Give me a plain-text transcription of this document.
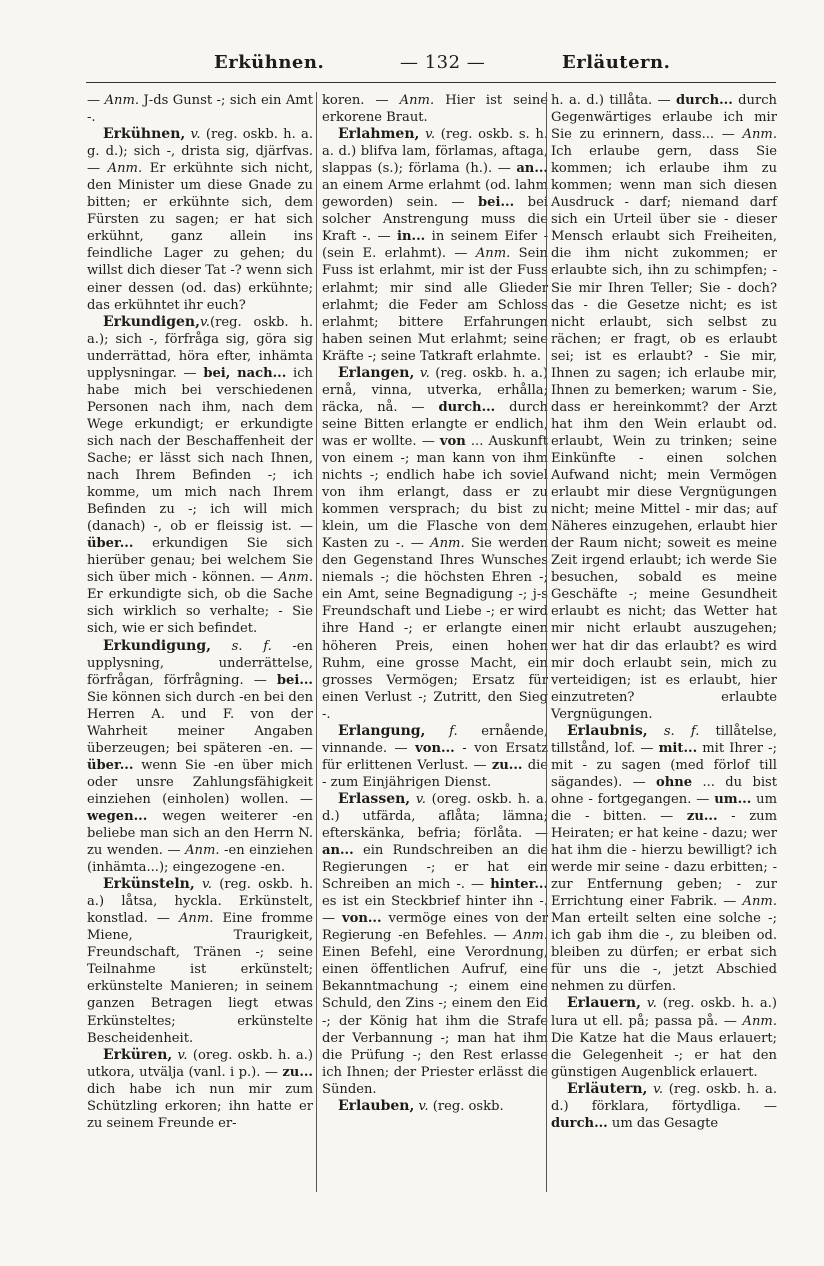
Erkühnen.	— 132 —	Erläutern.

— Anm. J-ds Gunst -; sich ein Amt -.

Erkühnen, v. (reg. oskb. h. a. g. d.); sich -, drista sig, djärfvas. — Anm. Er erkühnte sich nicht, den Minister um diese Gnade zu bitten; er erkühnte sich, dem Fürsten zu sagen; er hat sich erkühnt, ganz allein ins feindliche Lager zu gehen; du willst dich dieser Tat -? wenn sich einer dessen (od. das) erkühnte; das erkühntet ihr euch?

Erkundigen,v.(reg. oskb. h. a.); sich -, förfråga sig, göra sig underrättad, höra efter, inhämta upplysningar. — bei, nach... ich habe mich bei verschiedenen Personen nach ihm, nach dem Wege erkundigt; er erkundigte sich nach der Beschaffenheit der Sache; er lässt sich nach Ihnen, nach Ihrem Befinden -; ich komme, um mich nach Ihrem Befinden zu -; ich will mich (danach) -, ob er fleissig ist. — über... erkundigen Sie sich hierüber genau; bei welchem Sie sich über mich - können. — Anm. Er erkundigte sich, ob die Sache sich wirklich so verhalte; - Sie sich, wie er sich befindet.

Erkundigung, s. f. -en upplysning, underrättelse, förfrågan, förfrågning. — bei... Sie können sich durch -en bei den Herren A. und F. von der Wahrheit meiner Angaben überzeugen; bei späteren -en. — über... wenn Sie -en über mich oder unsre Zahlungsfähigkeit einziehen (einholen) wollen. — wegen... wegen weiterer -en beliebe man sich an den Herrn N. zu wenden. — Anm. -en einziehen (inhämta...); eingezogene -en.

Erkünsteln, v. (reg. oskb. h. a.) låtsa, hyckla. Erkünstelt, konstlad. — Anm. Eine fromme Miene, Traurigkeit, Freundschaft, Tränen -; seine Teilnahme ist erkünstelt; erkünstelte Manieren; in seinem ganzen Betragen liegt etwas Erkünsteltes; erkünstelte Bescheidenheit.

Erküren, v. (oreg. oskb. h. a.) utkora, utvälja (vanl. i p.). — zu... dich habe ich nun mir zum Schützling erkoren; ihn hatte er zu seinem Freunde er-

koren. — Anm. Hier ist seine erkorene Braut.

Erlahmen, v. (reg. oskb. s. h. a. d.) blifva lam, förlamas, aftaga, slappas (s.); förlama (h.). — an... an einem Arme erlahmt (od. lahm geworden) sein. — bei... bei solcher Anstrengung muss die Kraft -. — in... in seinem Eifer - (sein E. erlahmt). — Anm. Sein Fuss ist erlahmt, mir ist der Fuss erlahmt; mir sind alle Glieder erlahmt; die Feder am Schloss erlahmt; bittere Erfahrungen haben seinen Mut erlahmt; seine Kräfte -; seine Tatkraft erlahmte.

Erlangen, v. (reg. oskb. h. a.) ernå, vinna, utverka, erhålla; räcka, nå. — durch... durch seine Bitten erlangte er endlich, was er wollte. — von ... Auskunft von einem -; man kann von ihm nichts -; endlich habe ich soviel von ihm erlangt, dass er zu kommen versprach; du bist zu klein, um die Flasche von dem Kasten zu -. — Anm. Sie werden den Gegenstand Ihres Wunsches niemals -; die höchsten Ehren -; ein Amt, seine Begnadigung -; j-s Freundschaft und Liebe -; er wird ihre Hand -; er erlangte einen höheren Preis, einen hohen Ruhm, eine grosse Macht, ein grosses Vermögen; Ersatz für einen Verlust -; Zutritt, den Sieg -.

Erlangung, f. ernående, vinnande. — von... - von Ersatz für erlittenen Verlust. — zu... die - zum Einjährigen Dienst.

Erlassen, v. (oreg. oskb. h. a. d.) utfärda, aflåta; lämna; efterskänka, befria; förlåta. — an... ein Rundschreiben an die Regierungen -; er hat ein Schreiben an mich -. — hinter... es ist ein Steckbrief hinter ihn -. — von... vermöge eines von der Regierung -en Befehles. — Anm. Einen Befehl, eine Verordnung, einen öffentlichen Aufruf, eine Bekanntmachung -; einem eine Schuld, den Zins -; einem den Eid -; der König hat ihm die Strafe der Verbannung -; man hat ihm die Prüfung -; den Rest erlasse ich Ihnen; der Priester erlässt die Sünden.

Erlauben, v. (reg. oskb.

h. a. d.) tillåta. — durch... durch Gegenwärtiges erlaube ich mir Sie zu erinnern, dass... — Anm. Ich erlaube gern, dass Sie kommen; ich erlaube ihm zu kommen; wenn man sich diesen Ausdruck - darf; niemand darf sich ein Urteil über sie - dieser Mensch erlaubt sich Freiheiten, die ihm nicht zukommen; er erlaubte sich, ihn zu schimpfen; - Sie mir Ihren Teller; Sie - doch? das - die Gesetze nicht; es ist nicht erlaubt, sich selbst zu rächen; er fragt, ob es erlaubt sei; ist es erlaubt? - Sie mir, Ihnen zu sagen; ich erlaube mir, Ihnen zu bemerken; warum - Sie, dass er hereinkommt? der Arzt hat ihm den Wein erlaubt od. erlaubt, Wein zu trinken; seine Einkünfte - einen solchen Aufwand nicht; mein Vermögen erlaubt mir diese Vergnügungen nicht; meine Mittel - mir das; auf Näheres einzugehen, erlaubt hier der Raum nicht; soweit es meine Zeit irgend erlaubt; ich werde Sie besuchen, sobald es meine Geschäfte -; meine Gesundheit erlaubt es nicht; das Wetter hat mir nicht erlaubt auszugehen; wer hat dir das erlaubt? es wird mir doch erlaubt sein, mich zu verteidigen; ist es erlaubt, hier einzutreten? erlaubte Vergnügungen.

Erlaubnis, s. f. tillåtelse, tillstånd, lof. — mit... mit Ihrer -; mit - zu sagen (med förlof till sägandes). — ohne ... du bist ohne - fortgegangen. — um... um die - bitten. — zu... - zum Heiraten; er hat keine - dazu; wer hat ihm die - hierzu bewilligt? ich werde mir seine - dazu erbitten; - zur Entfernung geben; - zur Errichtung einer Fabrik. — Anm. Man erteilt selten eine solche -; ich gab ihm die -, zu bleiben od. bleiben zu dürfen; er erbat sich für uns die -, jetzt Abschied nehmen zu dürfen.

Erlauern, v. (reg. oskb. h. a.) lura ut ell. på; passa på. — Anm. Die Katze hat die Maus erlauert; die Gelegenheit -; er hat den günstigen Augenblick erlauert.

Erläutern, v. (reg. oskb. h. a. d.) förklara, förtydliga. — durch... um das Gesagte
